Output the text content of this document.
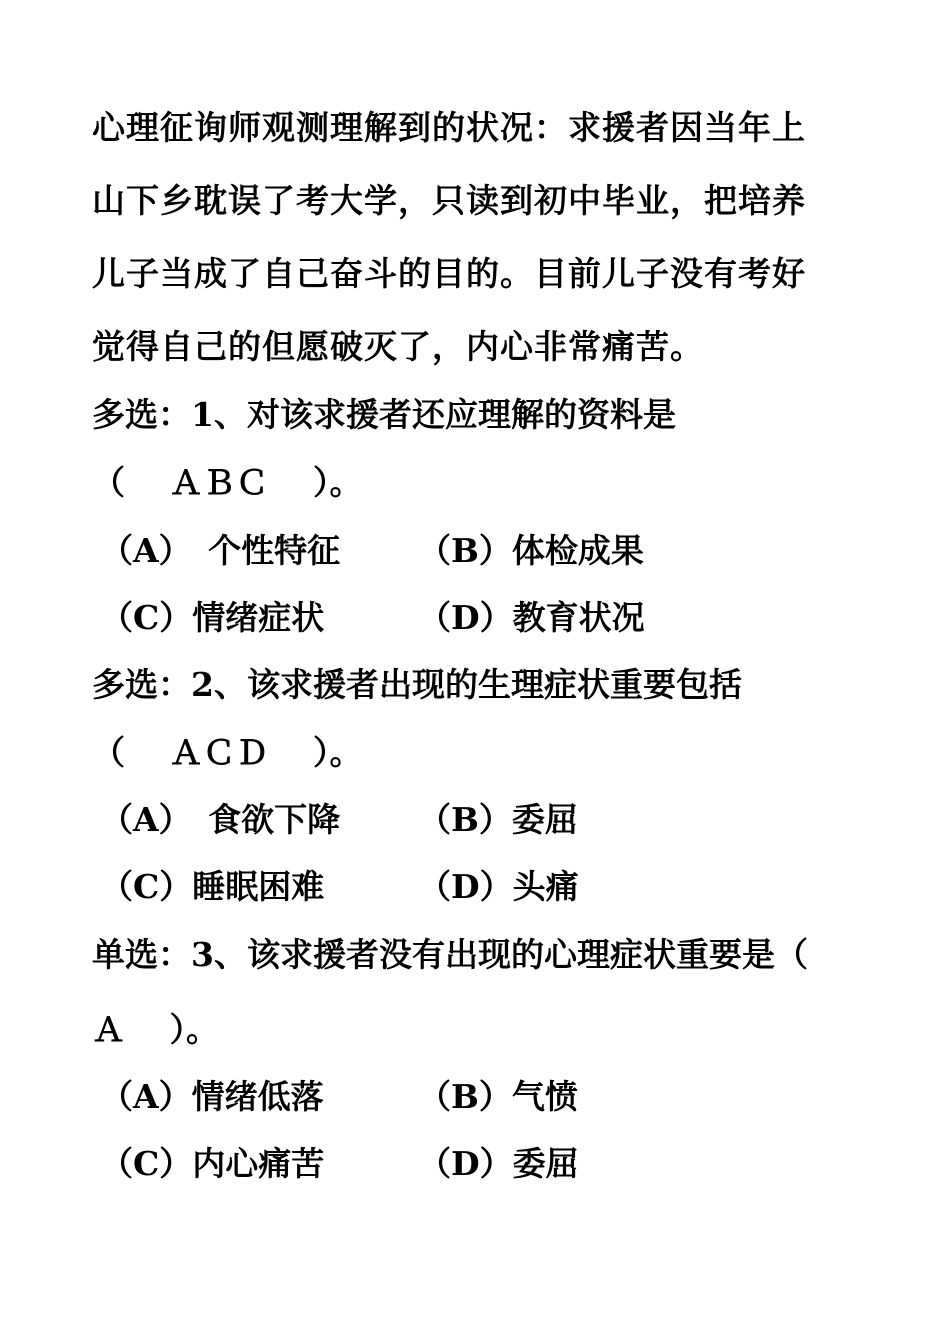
心理征询师观测理解到的状况：求援者因当年上
山下乡耽误了考大学，只读到初中毕业，把培养
儿子当成了自己奋斗的目的。目前儿子没有考好
觉得自己的但愿破灭了，内心非常痛苦。
多选：1、对该求援者还应理解的资料是
（　 ＡＢＣ　 ）。
（A）　个性特征 （B）体检成果
（C）情绪症状	（D）教育状况
多选：2、该求援者出现的生理症状重要包括
（　 ＡＣＤ　 ）。
（A）　食欲下降 （B）委屈
（C）睡眠困难	（D）头痛
单选：3、该求援者没有出现的心理症状重要是（
Ａ　 ）。
（A）情绪低落	（B）气愤
（C）内心痛苦	（D）委屈
